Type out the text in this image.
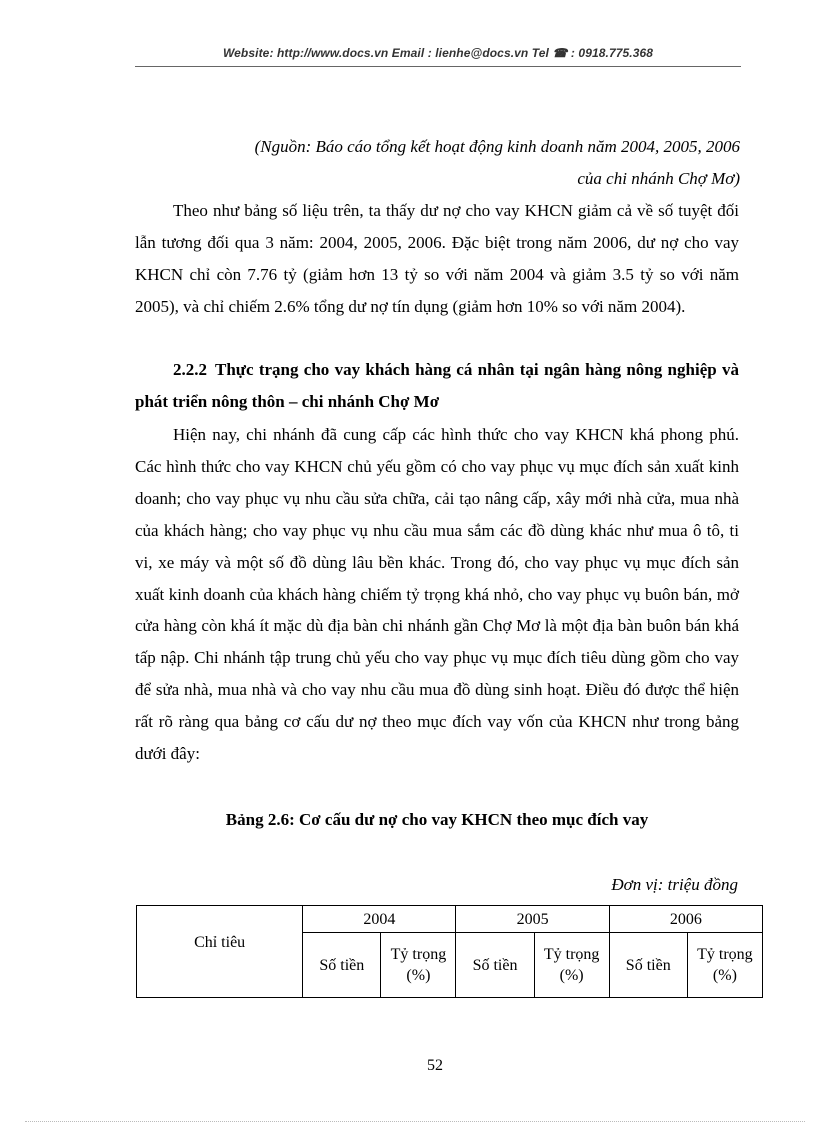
Website: http://www.docs.vn Email : lienhe@docs.vn Tel ☎ : 0918.775.368
(Nguồn: Báo cáo tổng kết hoạt động kinh doanh năm 2004, 2005, 2006
của chi nhánh Chợ Mơ)

Theo như bảng số liệu trên, ta thấy dư nợ cho vay KHCN giảm cả về số tuyệt đối lẫn tương đối qua 3 năm: 2004, 2005, 2006. Đặc biệt trong năm 2006, dư nợ cho vay KHCN chỉ còn 7.76 tỷ (giảm hơn 13 tỷ so với năm 2004 và giảm 3.5 tỷ so với năm 2005), và chỉ chiếm 2.6% tổng dư nợ tín dụng (giảm hơn 10% so với năm 2004).

2.2.2 Thực trạng cho vay khách hàng cá nhân tại ngân hàng nông nghiệp và phát triển nông thôn – chi nhánh Chợ Mơ

Hiện nay, chi nhánh đã cung cấp các hình thức cho vay KHCN khá phong phú. Các hình thức cho vay KHCN chủ yếu gồm có cho vay phục vụ mục đích sản xuất kinh doanh; cho vay phục vụ nhu cầu sửa chữa, cải tạo nâng cấp, xây mới nhà cửa, mua nhà của khách hàng; cho vay phục vụ nhu cầu mua sắm các đồ dùng khác như mua ô tô, ti vi, xe máy và một số đồ dùng lâu bền khác. Trong đó, cho vay phục vụ mục đích sản xuất kinh doanh của khách hàng chiếm tỷ trọng khá nhỏ, cho vay phục vụ buôn bán, mở cửa hàng còn khá ít mặc dù địa bàn chi nhánh gần Chợ Mơ là một địa bàn buôn bán khá tấp nập. Chi nhánh tập trung chủ yếu cho vay phục vụ mục đích tiêu dùng gồm cho vay để sửa nhà, mua nhà và cho vay nhu cầu mua đồ dùng sinh hoạt. Điều đó được thể hiện rất rõ ràng qua bảng cơ cấu dư nợ theo mục đích vay vốn của KHCN như trong bảng dưới đây:

Bảng 2.6: Cơ cấu dư nợ cho vay KHCN theo mục đích vay
Đơn vị: triệu đồng
Chỉ tiêu	2004		2005		2006	
	Số tiền	Tỷ trọng (%)	Số tiền	Tỷ trọng (%)	Số tiền	Tỷ trọng (%)
52
